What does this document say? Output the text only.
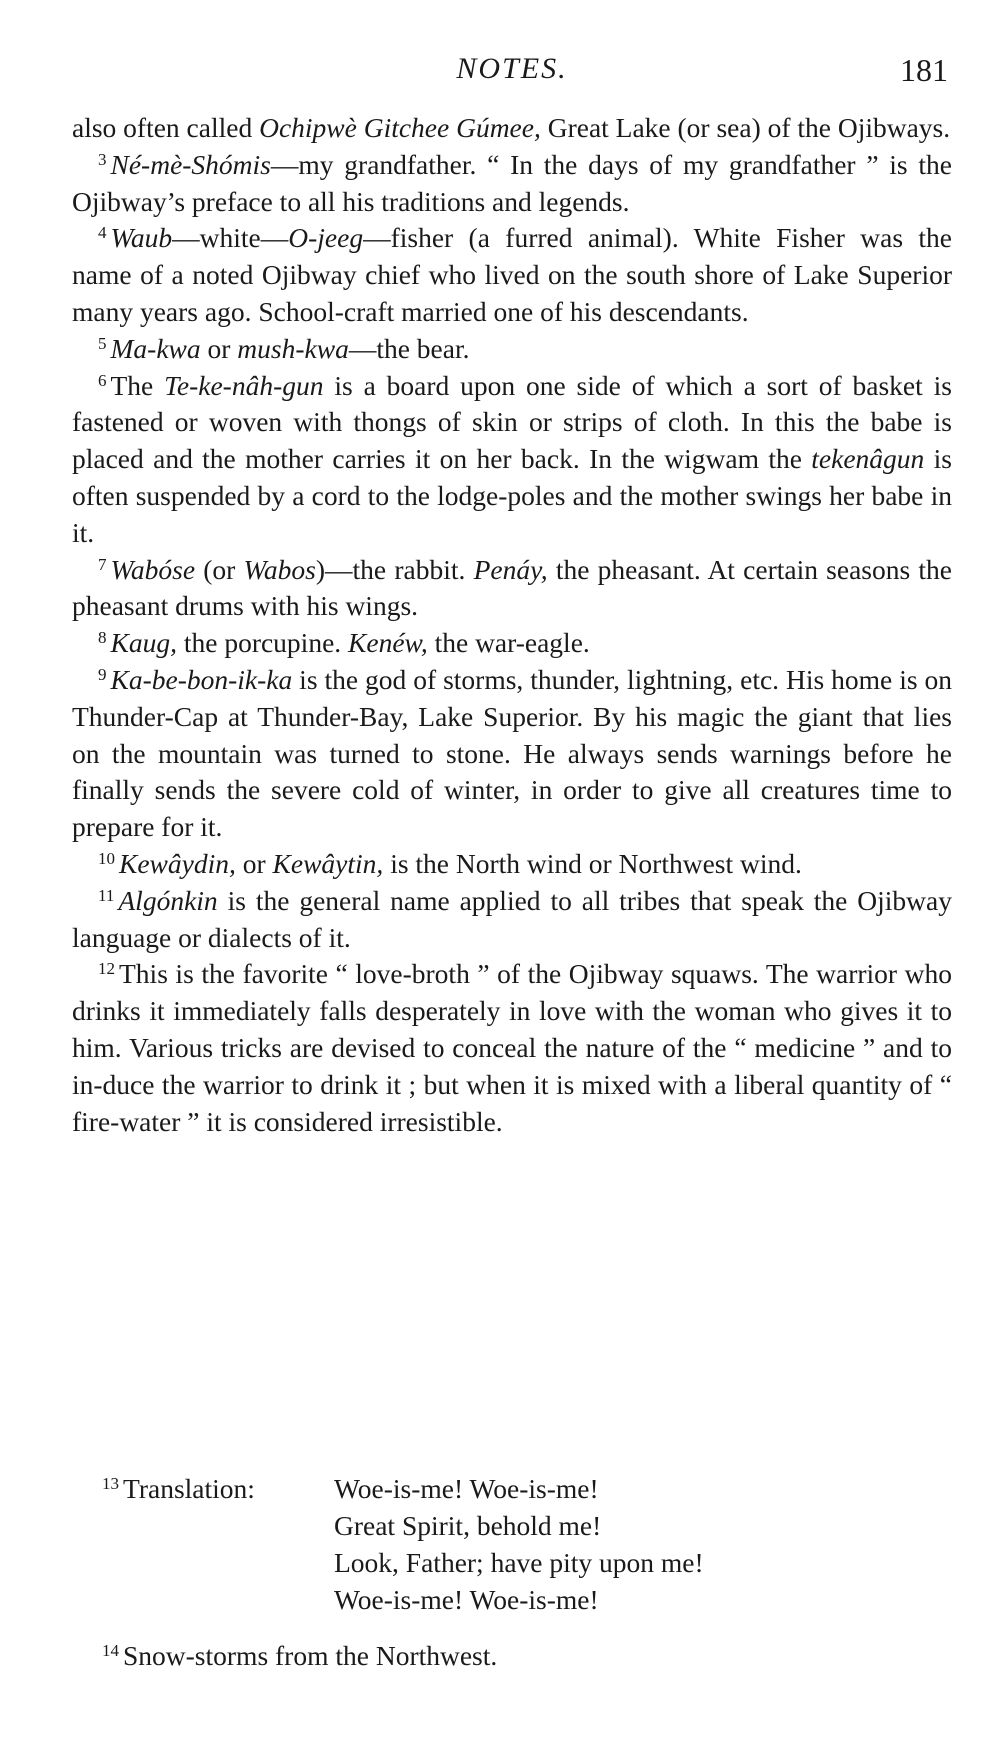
NOTES.	181

also often called Ochipwè Gitchee Gúmee, Great Lake (or sea) of the Ojibways.

$^3$ Né-mè-Shómis—my grandfather. “ In the days of my grandfather ” is the Ojibway’s preface to all his traditions and legends.

$^4$ Waub—white—O-jeeg—fisher (a furred animal). White Fisher was the name of a noted Ojibway chief who lived on the south shore of Lake Superior many years ago. School-craft married one of his descendants.

$^5$ Ma-kwa or mush-kwa—the bear.

$^6$ The Te-ke-nâh-gun is a board upon one side of which a sort of basket is fastened or woven with thongs of skin or strips of cloth. In this the babe is placed and the mother carries it on her back. In the wigwam the tekenâgun is often suspended by a cord to the lodge-poles and the mother swings her babe in it.

$^7$ Wabóse (or Wabos)—the rabbit. Penáy, the pheasant. At certain seasons the pheasant drums with his wings.

$^8$ Kaug, the porcupine. Kenéw, the war-eagle.

$^9$ Ka-be-bon-ik-ka is the god of storms, thunder, lightning, etc. His home is on Thunder-Cap at Thunder-Bay, Lake Superior. By his magic the giant that lies on the mountain was turned to stone. He always sends warnings before he finally sends the severe cold of winter, in order to give all creatures time to prepare for it.

$^{10}$ Kewâydin, or Kewâytin, is the North wind or Northwest wind.

$^{11}$ Algónkin is the general name applied to all tribes that speak the Ojibway language or dialects of it.

$^{12}$ This is the favorite “ love-broth ” of the Ojibway squaws. The warrior who drinks it immediately falls desperately in love with the woman who gives it to him. Various tricks are devised to conceal the nature of the “ medicine ” and to in-duce the warrior to drink it ; but when it is mixed with a liberal quantity of “ fire-water ” it is considered irresistible.

$^{13}$ Translation:	Woe-is-me! Woe-is-me!
Great Spirit, behold me!
Look, Father; have pity upon me!
Woe-is-me! Woe-is-me!
$^{14}$ Snow-storms from the Northwest.
